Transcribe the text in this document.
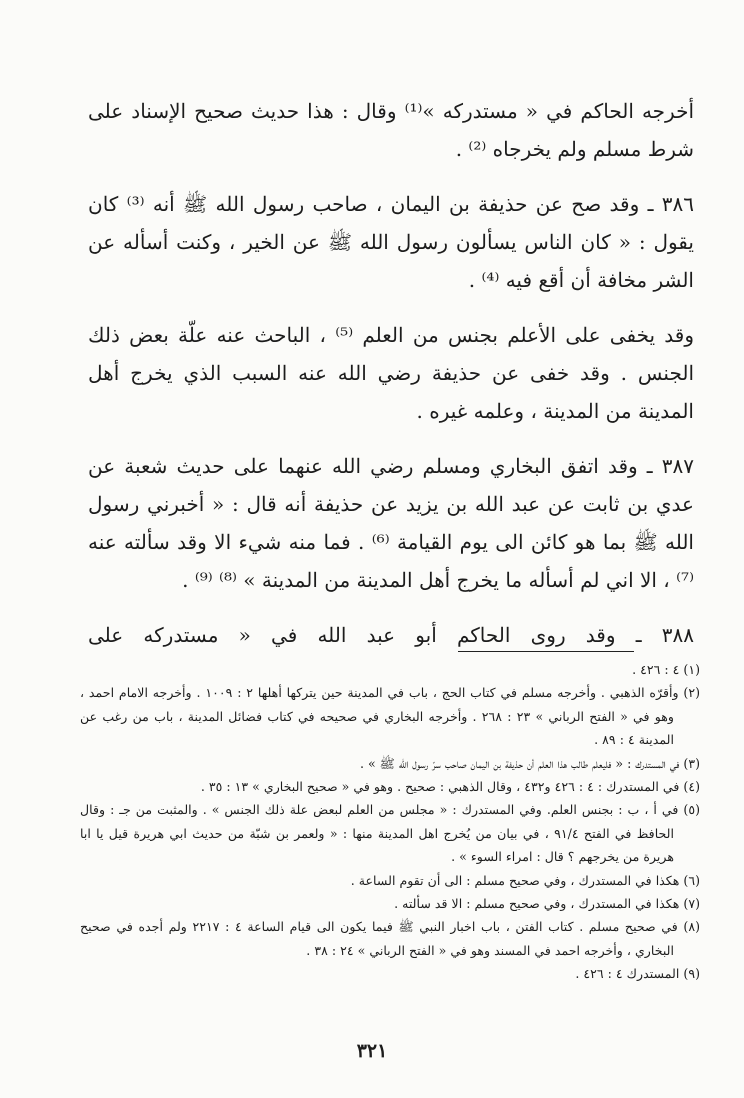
أخرجه الحاكم في « مستدركه »⁽¹⁾ وقال : هذا حديث صحيح الإسناد على شرط مسلم ولم يخرجاه ⁽²⁾ .

٣٨٦ ـ وقد صح عن حذيفة بن اليمان ، صاحب رسول الله ﷺ أنه ⁽³⁾ كان يقول : « كان الناس يسألون رسول الله ﷺ عن الخير ، وكنت أسأله عن الشر مخافة أن أقع فيه ⁽⁴⁾ .

وقد يخفى على الأعلم بجنس من العلم ⁽⁵⁾ ، الباحث عنه علّة بعض ذلك الجنس . وقد خفى عن حذيفة رضي الله عنه السبب الذي يخرج أهل المدينة من المدينة ، وعلمه غيره .

٣٨٧ ـ وقد اتفق البخاري ومسلم رضي الله عنهما على حديث شعبة عن عدي بن ثابت عن عبد الله بن يزيد عن حذيفة أنه قال : « أخبرني رسول الله ﷺ بما هو كائن الى يوم القيامة ⁽⁶⁾ . فما منه شيء الا وقد سألته عنه ⁽⁷⁾ ، الا اني لم أسأله ما يخرج أهل المدينة من المدينة » ⁽⁸⁾ ⁽⁹⁾ .

٣٨٨ ـ وقد روى الحاكم أبو عبد الله في « مستدركه على

(١) ٤ : ٤٢٦ .

(٢) وأقرّه الذهبي . وأخرجه مسلم في كتاب الحج ، باب في المدينة حين يتركها أهلها ٢ : ١٠٠٩ . وأخرجه الامام احمد ، وهو في « الفتح الرباني » ٢٣ : ٢٦٨ . وأخرجه البخاري في صحيحه في كتاب فضائل المدينة ، باب من رغب عن المدينة ٤ : ٨٩ .

(٣) في المستدرك : « فليعلم طالب هذا العلم أن حذيفة بن اليمان صاحب سرّ رسول الله ﷺ » .

(٤) في المستدرك : ٤ : ٤٢٦ و٤٣٢ ، وقال الذهبي : صحيح . وهو في « صحيح البخاري » ١٣ : ٣٥ .

(٥) في أ ، ب : بجنس العلم. وفي المستدرك : « مجلس من العلم لبعض علة ذلك الجنس » . والمثبت من جـ : وقال الحافظ في الفتح ٩١/٤ ، في بيان من يُخرج اهل المدينة منها : « ولعمر بن شبّة من حديث ابي هريرة قيل يا ابا هريرة من يخرجهم ؟ قال : امراء السوء » .

(٦) هكذا في المستدرك ، وفي صحيح مسلم : الى أن تقوم الساعة .

(٧) هكذا في المستدرك ، وفي صحيح مسلم : الا قد سألته .

(٨) في صحيح مسلم . كتاب الفتن ، باب اخبار النبي ﷺ فيما يكون الى قيام الساعة ٤ : ٢٢١٧ ولم أجده في صحيح البخاري ، وأخرجه احمد في المسند وهو في « الفتح الرباني » ٢٤ : ٣٨ .

(٩) المستدرك ٤ : ٤٢٦ .

٣٢١
